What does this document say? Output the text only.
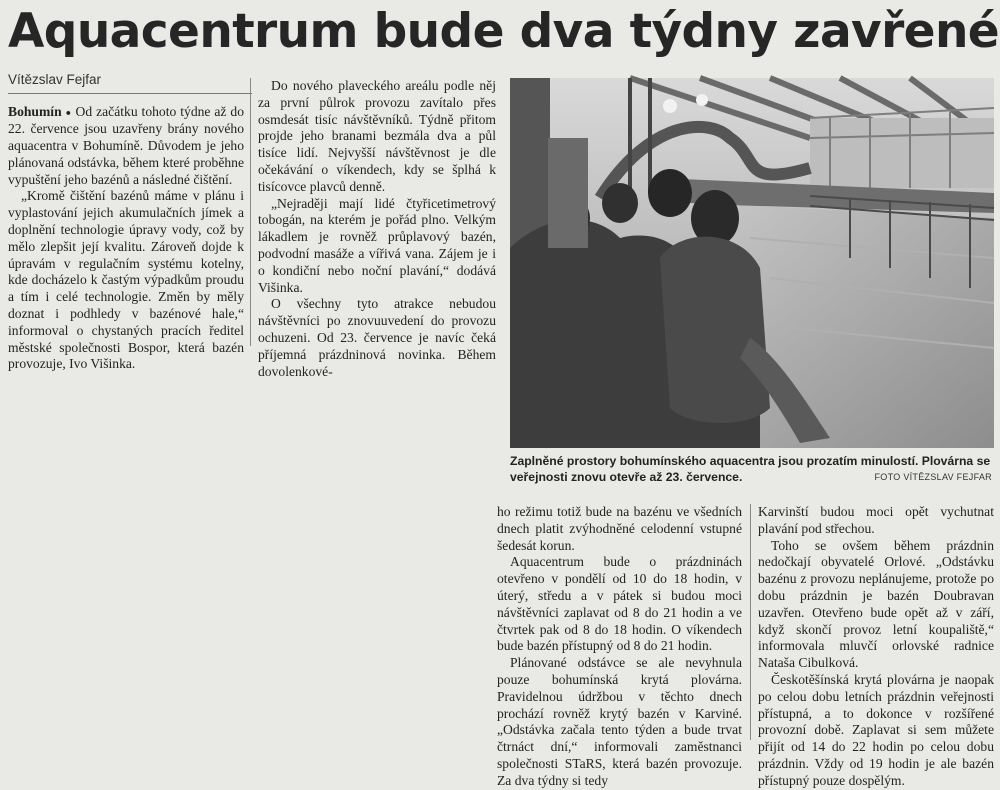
Aquacentrum bude dva týdny zavřené
Vítězslav Fejfar

Bohumín ● Od začátku tohoto týdne až do 22. července jsou uzavřeny brány nového aquacentra v Bohumíně. Důvodem je jeho plánovaná odstávka, během které proběhne vypuštění jeho bazénů a následné čištění.

„Kromě čištění bazénů máme v plánu i vyplastování jejich akumulačních jímek a doplnění technologie úpravy vody, což by mělo zlepšit její kvalitu. Zároveň dojde k úpravám v regulačním systému kotelny, kde docházelo k častým výpadkům proudu a tím i celé technologie. Změn by měly doznat i podhledy v bazénové hale,“ informoval o chystaných pracích ředitel městské společnosti Bospor, která bazén provozuje, Ivo Višinka.

Do nového plaveckého areálu podle něj za první půlrok provozu zavítalo přes osmdesát tisíc návštěvníků. Týdně přitom projde jeho branami bezmála dva a půl tisíce lidí. Nejvyšší návštěvnost je dle očekávání o víkendech, kdy se šplhá k tisícovce plavců denně.

„Nejraději mají lidé čtyřicetimetrový tobogán, na kterém je pořád plno. Velkým lákadlem je rovněž průplavový bazén, podvodní masáže a vířivá vana. Zájem je i o kondiční nebo noční plavání,“ dodává Višinka.

O všechny tyto atrakce nebudou návštěvníci po znovuuvedení do provozu ochuzeni. Od 23. července je navíc čeká příjemná prázdninová novinka. Během dovolenkové-

Zaplněné prostory bohumínského aquacentra jsou prozatím minulostí. Plovárna se veřejnosti znovu otevře až 23. července.	FOTO VÍTĚZSLAV FEJFAR

ho režimu totiž bude na bazénu ve všedních dnech platit zvýhodněné celodenní vstupné šedesát korun.

Aquacentrum bude o prázdninách otevřeno v pondělí od 10 do 18 hodin, v úterý, středu a v pátek si budou moci návštěvníci zaplavat od 8 do 21 hodin a ve čtvrtek pak od 8 do 18 hodin. O víkendech bude bazén přístupný od 8 do 21 hodin.

Plánované odstávce se ale nevyhnula pouze bohumínská krytá plovárna. Pravidelnou údržbou v těchto dnech prochází rovněž krytý bazén v Karviné. „Odstávka začala tento týden a bude trvat čtrnáct dní,“ informovali zaměstnanci společnosti STaRS, která bazén provozuje. Za dva týdny si tedy

Karvinští budou moci opět vychutnat plavání pod střechou.

Toho se ovšem během prázdnin nedočkají obyvatelé Orlové. „Odstávku bazénu z provozu neplánujeme, protože po dobu prázdnin je bazén Doubravan uzavřen. Otevřeno bude opět až v září, když skončí provoz letní koupaliště,“ informovala mluvčí orlovské radnice Nataša Cibulková.

Českotěšínská krytá plovárna je naopak po celou dobu letních prázdnin veřejnosti přístupná, a to dokonce v rozšířené provozní době. Zaplavat si sem můžete přijít od 14 do 22 hodin po celou dobu prázdnin. Vždy od 19 hodin je ale bazén přístupný pouze dospělým.
